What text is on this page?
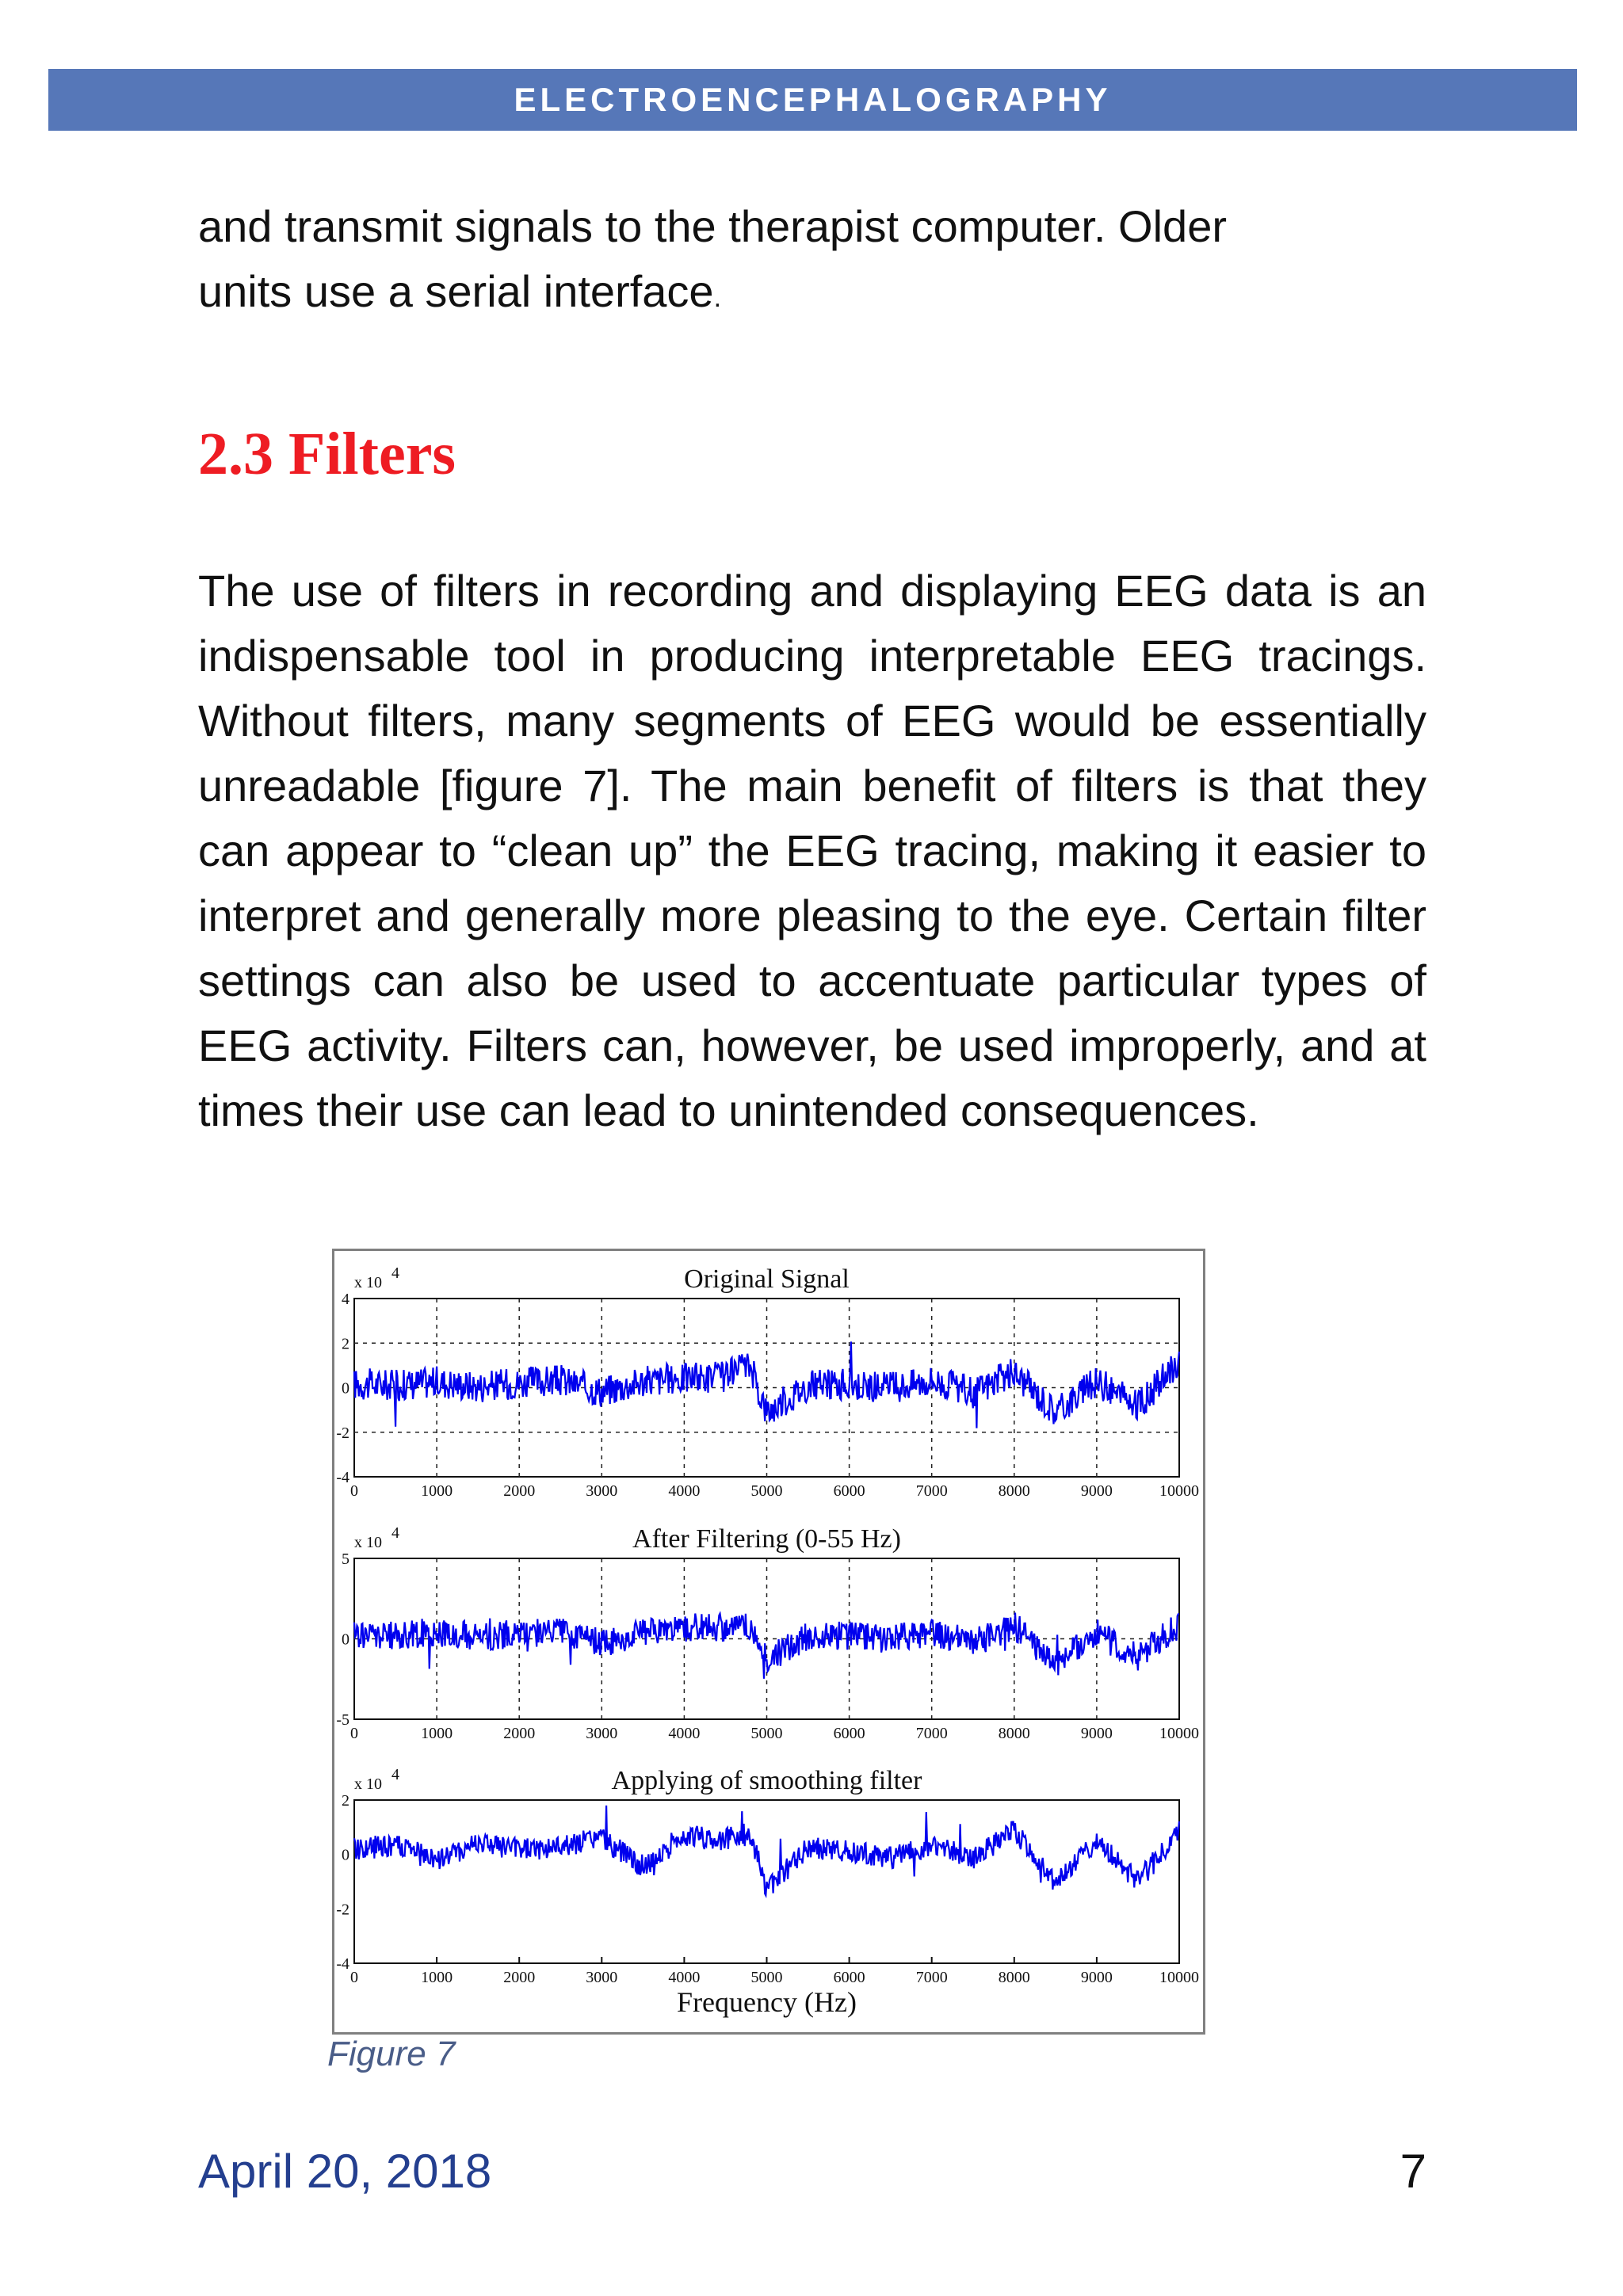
ELECTROENCEPHALOGRAPHY

and transmit signals to the therapist computer. Older

units use a serial interface.

2.3 Filters

The use of filters in recording and displaying EEG data is an indispensable tool in producing interpretable EEG tracings. Without filters, many segments of EEG would be essentially unreadable [figure 7]. The main benefit of filters is that they can appear to “clean up” the EEG tracing, making it easier to interpret and generally more pleasing to the eye. Certain filter settings can also be used to accentuate particular types of EEG activity. Filters can, however, be used improperly, and at times their use can lead to unintended consequences.

Original Signal
x 10
4
0	1000	2000	3000	4000	5000	6000	7000	8000	9000	10000
4
2
0
-2
-4
After Filtering (0-55 Hz)
x 10
4
0	1000	2000	3000	4000	5000	6000	7000	8000	9000	10000
5
0
-5
Applying of smoothing filter
x 10
4
0	1000	2000	3000	4000	5000	6000	7000	8000	9000	10000
2
0
-2
-4
Frequency (Hz)
Figure 7
April 20, 2018	7
